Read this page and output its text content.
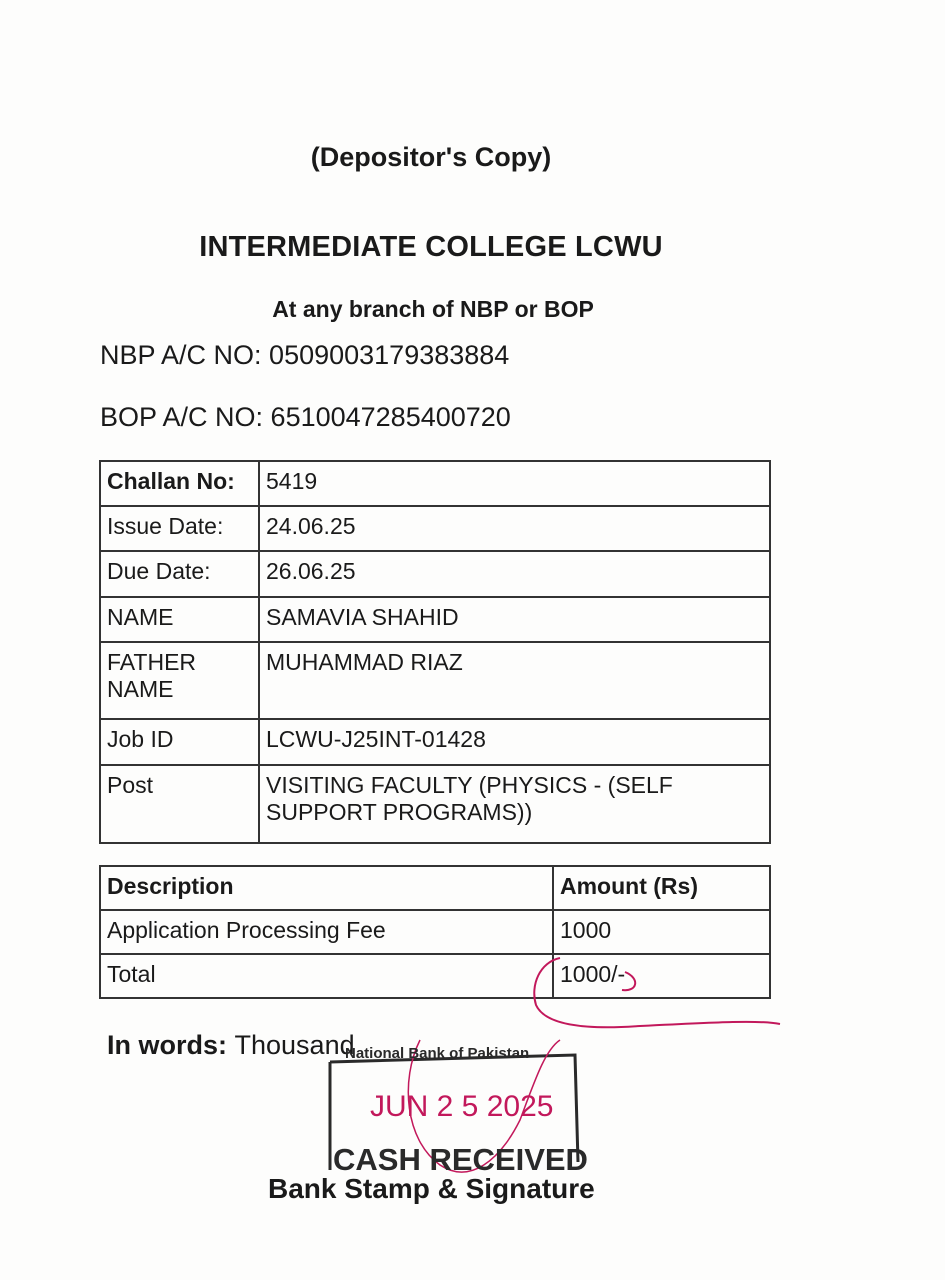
(Depositor's Copy)
INTERMEDIATE COLLEGE LCWU
At any branch of NBP or BOP
NBP A/C NO: 0509003179383884
BOP A/C NO: 6510047285400720
Challan No:	5419
Issue Date:	24.06.25
Due Date:	26.06.25
NAME	SAMAVIA SHAHID
FATHER NAME	MUHAMMAD RIAZ
Job ID	LCWU-J25INT-01428
Post	VISITING FACULTY (PHYSICS - (SELF SUPPORT PROGRAMS))
Description	Amount (Rs)
Application Processing Fee	1000
Total	1000/-
In words: Thousand
National Bank of Pakistan
JUN 2 5 2025
CASH RECEIVED
Bank Stamp & Signature
